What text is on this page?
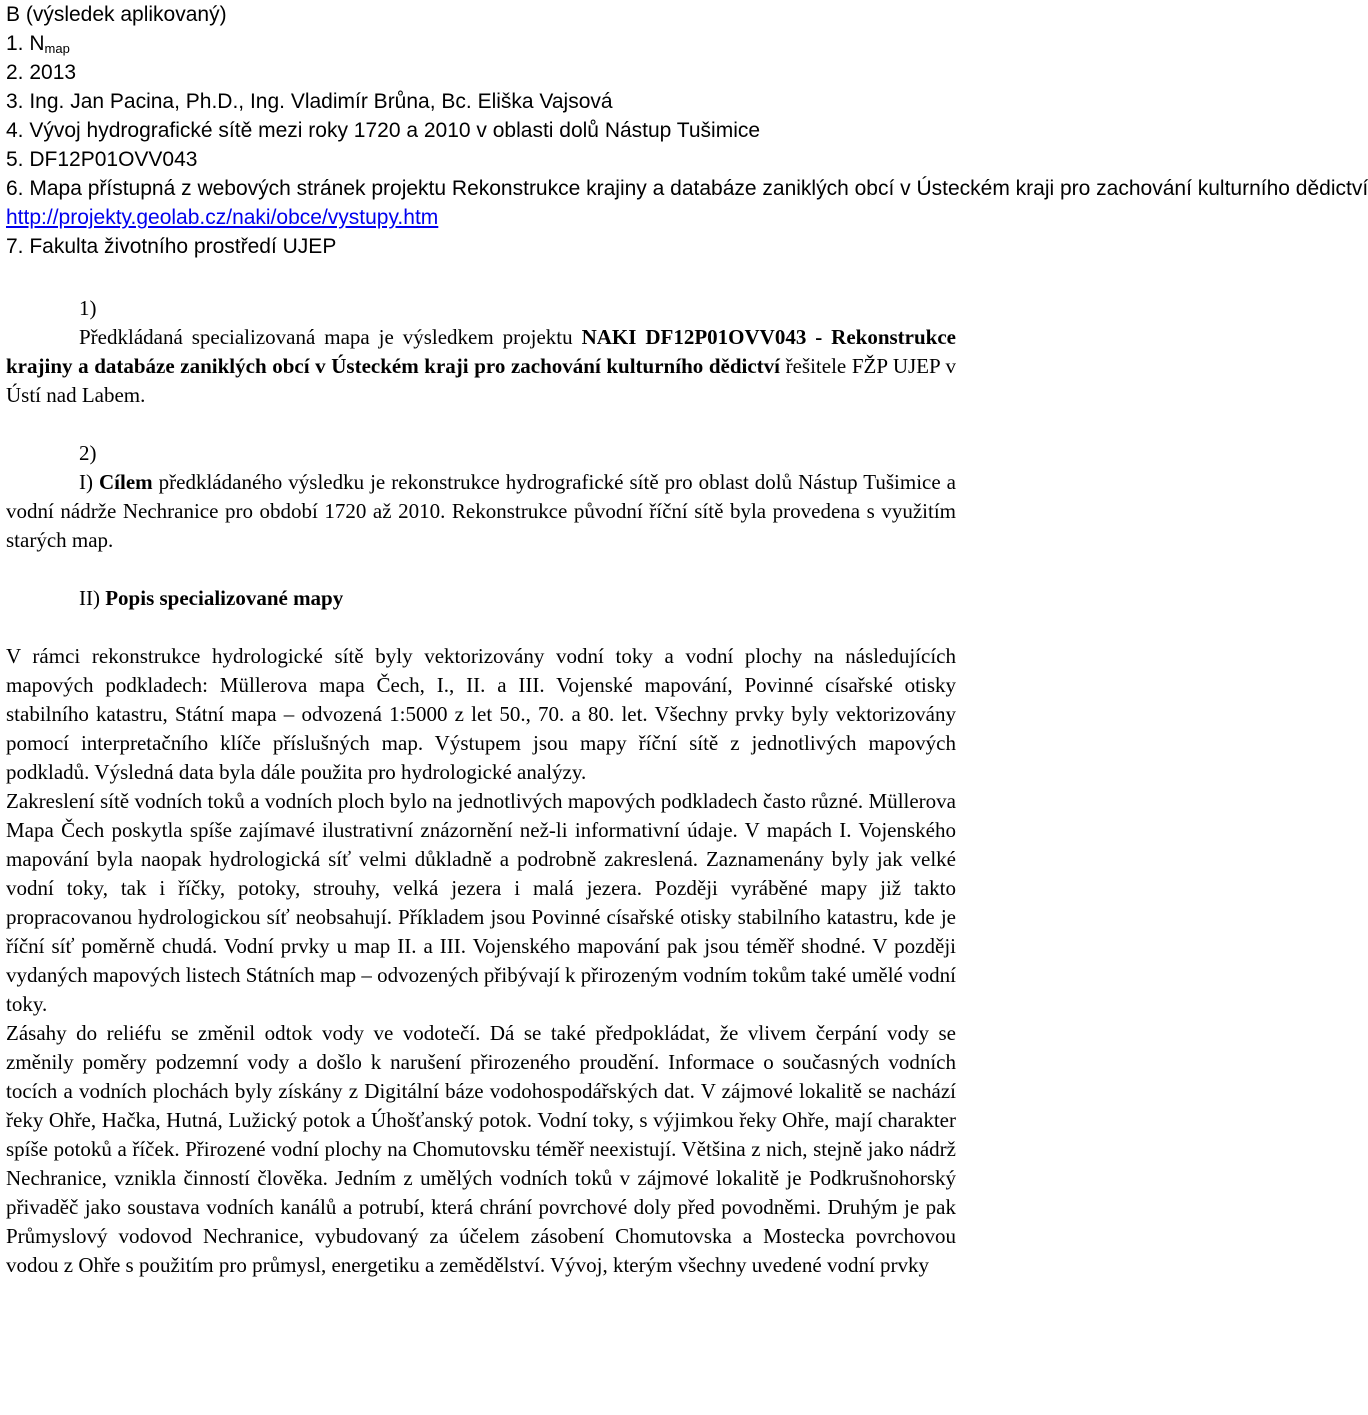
B (výsledek aplikovaný)
1. $N_{map}$
2. 2013
3. Ing. Jan Pacina, Ph.D., Ing. Vladimír Brůna, Bc. Eliška Vajsová
4. Vývoj hydrografické sítě mezi roky 1720 a 2010 v oblasti dolů Nástup Tušimice
5. DF12P01OVV043
6. Mapa přístupná z webových stránek projektu Rekonstrukce krajiny a databáze zaniklých obcí v Ústeckém kraji pro zachování kulturního dědictví
http://projekty.geolab.cz/naki/obce/vystupy.htm
7. Fakulta životního prostředí UJEP
1)
Předkládaná specializovaná mapa je výsledkem projektu NAKI DF12P01OVV043 - Rekonstrukce krajiny a databáze zaniklých obcí v Ústeckém kraji pro zachování kulturního dědictví řešitele FŽP UJEP v Ústí nad Labem.
2)
I) Cílem předkládaného výsledku je rekonstrukce hydrografické sítě pro oblast dolů Nástup Tušimice a vodní nádrže Nechranice pro období 1720 až 2010. Rekonstrukce původní říční sítě byla provedena s využitím starých map.
II) Popis specializované mapy
V rámci rekonstrukce hydrologické sítě byly vektorizovány vodní toky a vodní plochy na následujících mapových podkladech: Müllerova mapa Čech, I., II. a III. Vojenské mapování, Povinné císařské otisky stabilního katastru, Státní mapa – odvozená 1:5000 z let 50., 70. a 80. let. Všechny prvky byly vektorizovány pomocí interpretačního klíče příslušných map. Výstupem jsou mapy říční sítě z jednotlivých mapových podkladů. Výsledná data byla dále použita pro hydrologické analýzy.
Zakreslení sítě vodních toků a vodních ploch bylo na jednotlivých mapových podkladech často různé. Müllerova Mapa Čech poskytla spíše zajímavé ilustrativní znázornění než-li informativní údaje. V mapách I. Vojenského mapování byla naopak hydrologická síť velmi důkladně a podrobně zakreslená. Zaznamenány byly jak velké vodní toky, tak i říčky, potoky, strouhy, velká jezera i malá jezera. Později vyráběné mapy již takto propracovanou hydrologickou síť neobsahují. Příkladem jsou Povinné císařské otisky stabilního katastru, kde je říční síť poměrně chudá. Vodní prvky u map II. a III. Vojenského mapování pak jsou téměř shodné. V později vydaných mapových listech Státních map – odvozených přibývají k přirozeným vodním tokům také umělé vodní toky.
Zásahy do reliéfu se změnil odtok vody ve vodotečí. Dá se také předpokládat, že vlivem čerpání vody se změnily poměry podzemní vody a došlo k narušení přirozeného proudění. Informace o současných vodních tocích a vodních plochách byly získány z Digitální báze vodohospodářských dat. V zájmové lokalitě se nachází řeky Ohře, Hačka, Hutná, Lužický potok a Úhošťanský potok. Vodní toky, s výjimkou řeky Ohře, mají charakter spíše potoků a říček. Přirozené vodní plochy na Chomutovsku téměř neexistují. Většina z nich, stejně jako nádrž Nechranice, vznikla činností člověka. Jedním z umělých vodních toků v zájmové lokalitě je Podkrušnohorský přivaděč jako soustava vodních kanálů a potrubí, která chrání povrchové doly před povodněmi. Druhým je pak Průmyslový vodovod Nechranice, vybudovaný za účelem zásobení Chomutovska a Mostecka povrchovou vodou z Ohře s použitím pro průmysl, energetiku a zemědělství. Vývoj, kterým všechny uvedené vodní prvky
